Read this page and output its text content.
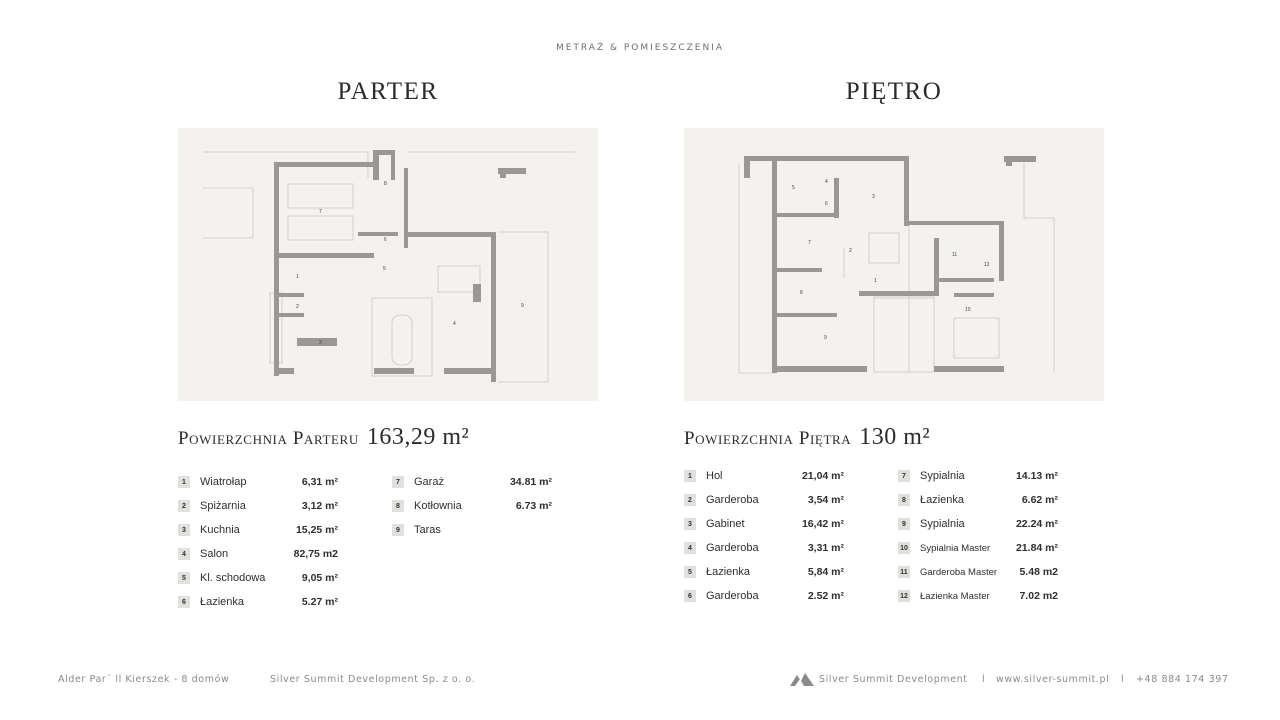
METRAŻ & POMIESZCZENIA
PARTER
8
7
6
5
1
2
3
4
9
Powierzchnia Parteru 163,29 m²
1	Wiatrołap	6,31 m²
2	Spiżarnia	3,12 m²
3	Kuchnia	15,25 m²
4	Salon	82,75 m2
5	Kl. schodowa	9,05 m²
6	Łazienka	5.27 m²
7	Garaż	34.81 m²
8	Kotłownia	6.73 m²
9	Taras
PIĘTRO
5
4
6
3
7
2
1
8
9
11
12
10
Powierzchnia Piętra 130 m²
1	Hol	21,04 m²
2	Garderoba	3,54 m²
3	Gabinet	16,42 m²
4	Garderoba	3,31 m²
5	Łazienka	5,84 m²
6	Garderoba	2.52 m²
7	Sypialnia	14.13 m²
8	Łazienka	6.62 m²
9	Sypialnia	22.24 m²
10 Sypialnia Master 21.84 m²
11 Garderoba Master 5.48 m2
12 Łazienka Master	7.02 m2
Alder Par´ ll Kierszek - 8 domów	Silver Summit Development Sp. z o. o.	Silver Summit Development l www.silver-summit.pl l +48 884 174 397
